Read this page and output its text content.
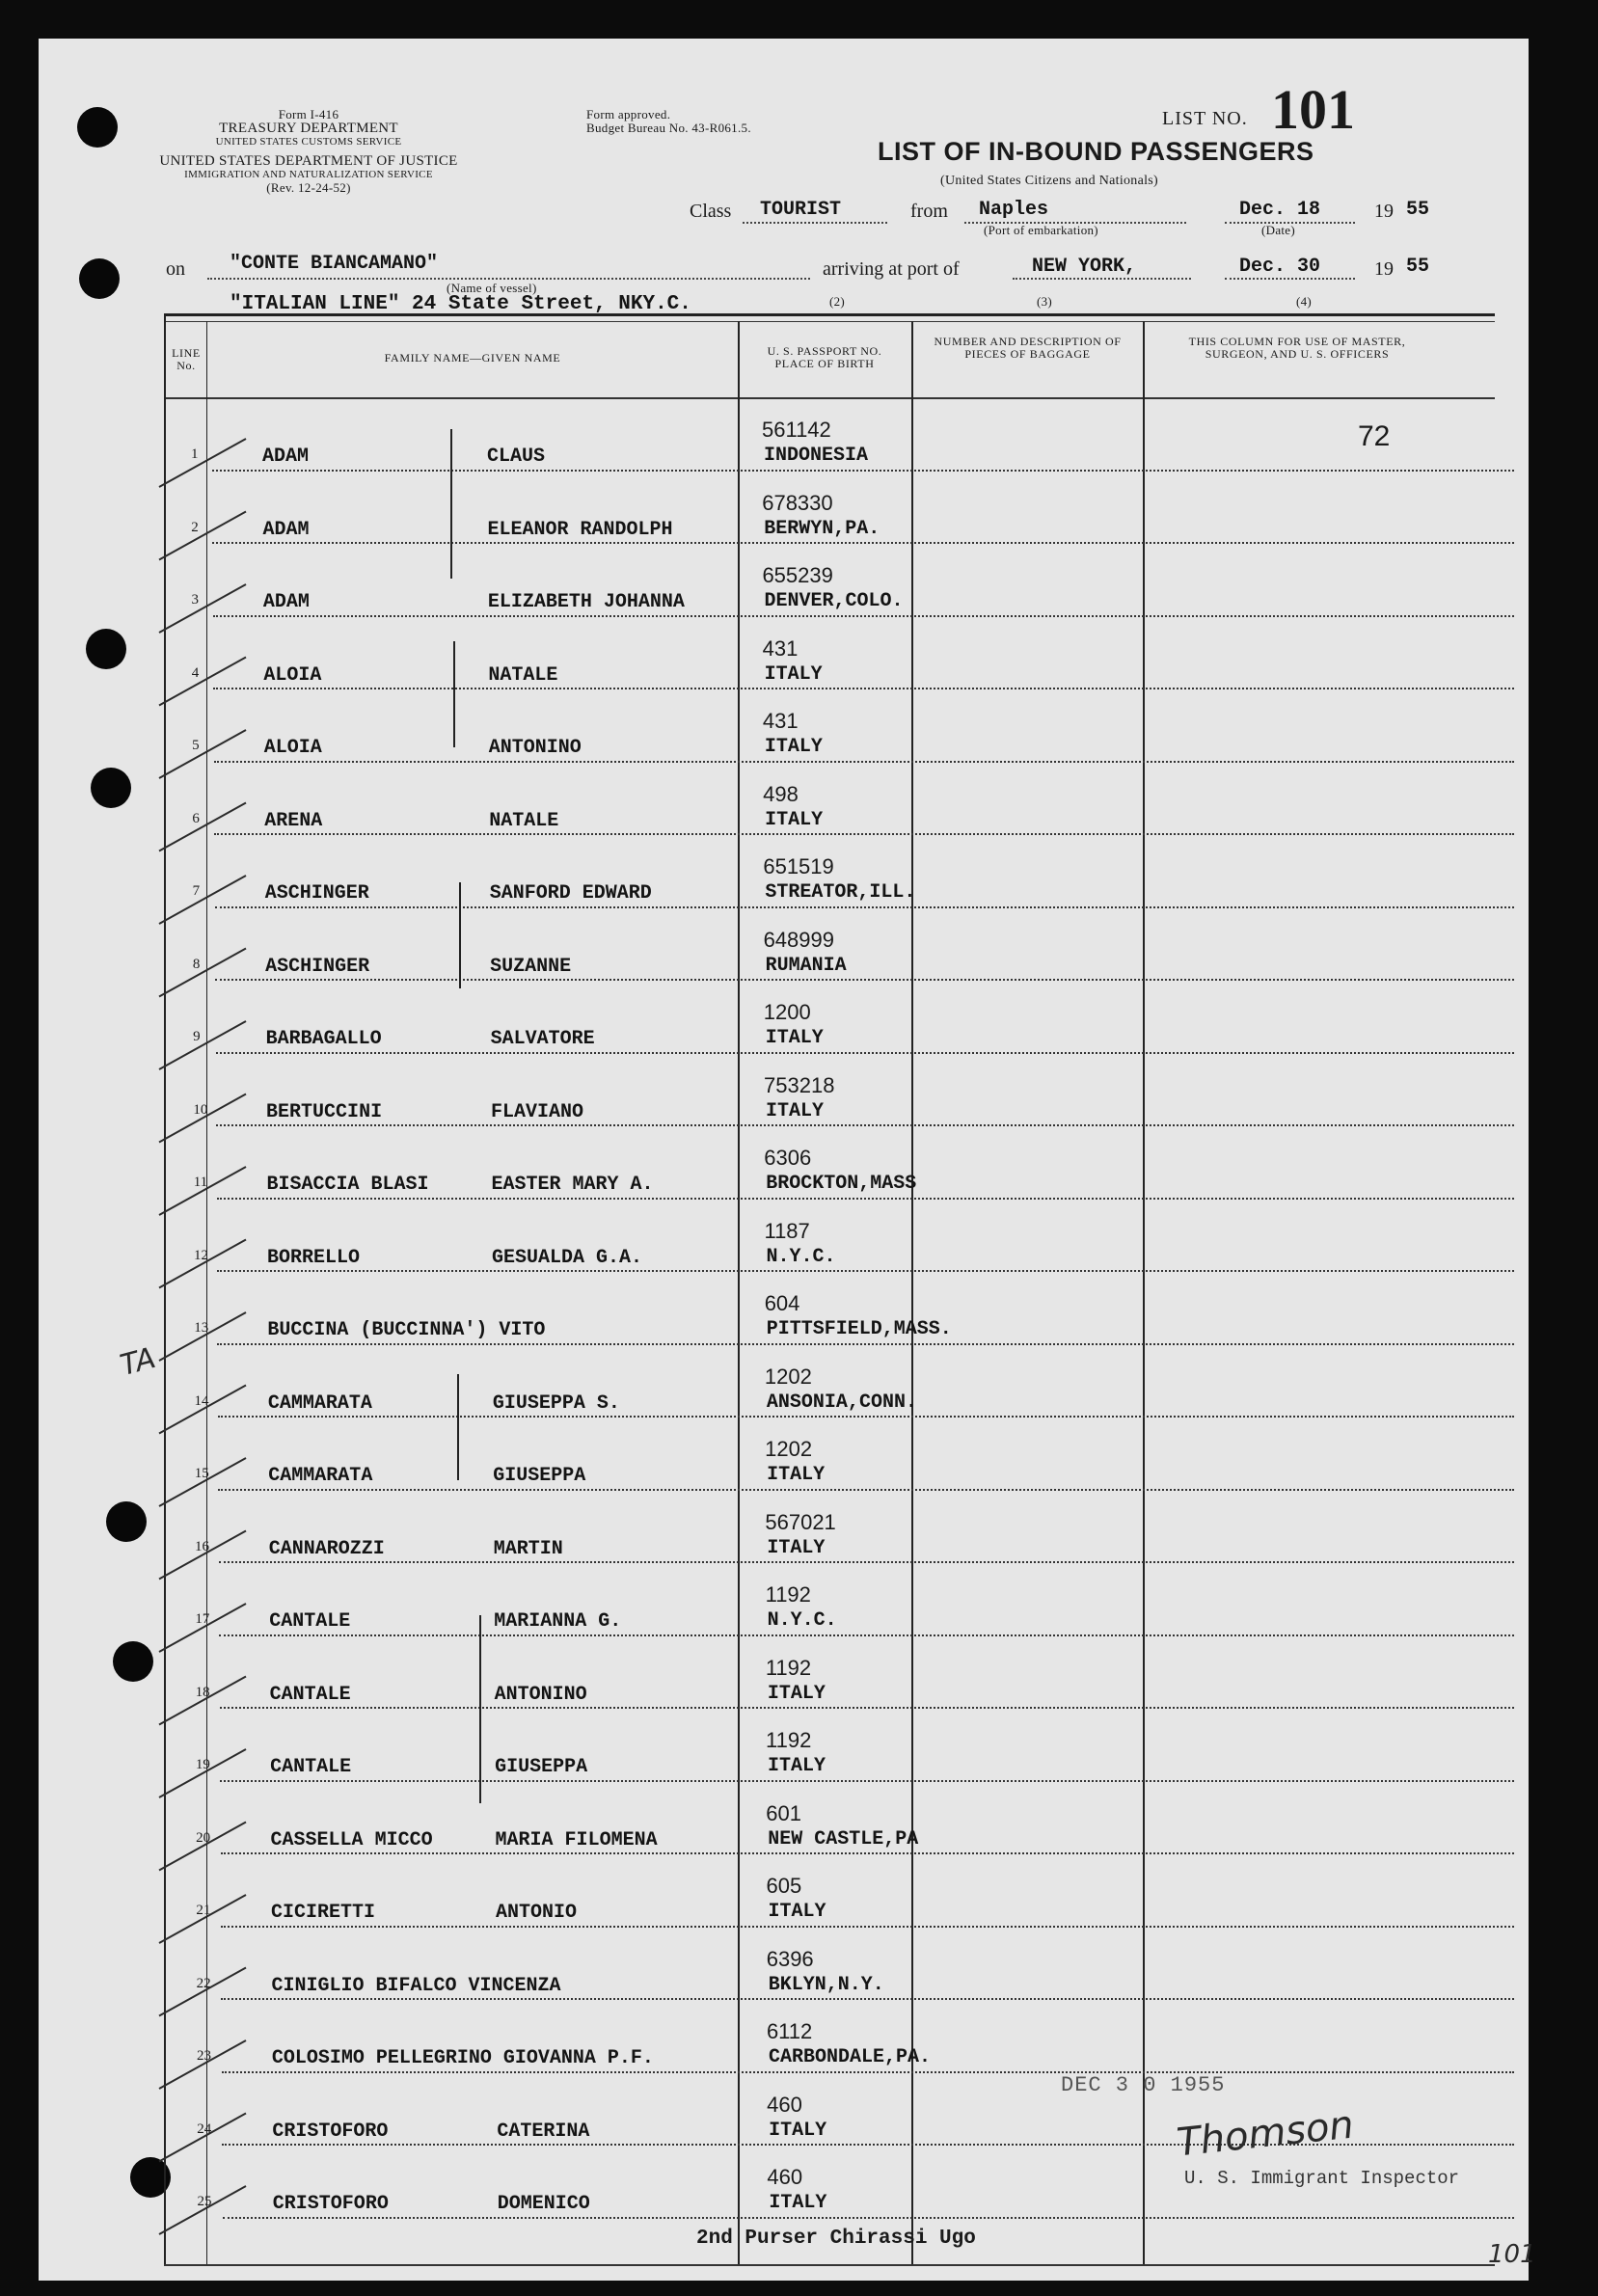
Form I-416
TREASURY DEPARTMENT
UNITED STATES CUSTOMS SERVICE
UNITED STATES DEPARTMENT OF JUSTICE
IMMIGRATION AND NATURALIZATION SERVICE
(Rev. 12-24-52)
Form approved.
Budget Bureau No. 43-R061.5.	LIST NO. 101
LIST OF IN-BOUND PASSENGERS
(United States Citizens and Nationals)
Class TOURIST	from Naples
(Port of embarkation)
Dec. 18
(Date)
19 55
on "CONTE BIANCAMANO"
(Name of vessel)
"ITALIAN LINE" 24 State Street, NKY.C.
arriving at port of	NEW YORK,	Dec. 30	19 55
(2)	(3)	(4)
LINE No.
FAMILY NAME—GIVEN NAME	U. S. PASSPORT NO. PLACE OF BIRTH
NUMBER AND DESCRIPTION OF PIECES OF BAGGAGE
THIS COLUMN FOR USE OF MASTER, SURGEON, AND U. S. OFFICERS
72
1	ADAM	CLAUS
561142
INDONESIA
2	ADAM	ELEANOR RANDOLPH
678330
BERWYN,PA.
3	ADAM	ELIZABETH JOHANNA
655239
DENVER,COLO.
4	ALOIA	NATALE
431
ITALY
5	ALOIA	ANTONINO
431
ITALY
6	ARENA	NATALE
498
ITALY
7	ASCHINGER	SANFORD EDWARD
651519
STREATOR,ILL.
8	ASCHINGER	SUZANNE
648999
RUMANIA
9	BARBAGALLO	SALVATORE
1200
ITALY
10	BERTUCCINI	FLAVIANO
753218
ITALY
11	BISACCIA BLASI	EASTER MARY A.
6306
BROCKTON,MASS
12	BORRELLO	GESUALDA G.A.
1187
N.Y.C.
13	BUCCINA (BUCCINNA') VITO
604
PITTSFIELD,MASS.
14	CAMMARATA	GIUSEPPA S.
1202
ANSONIA,CONN.
15	CAMMARATA	GIUSEPPA
1202
ITALY
16	CANNAROZZI	MARTIN
567021
ITALY
17	CANTALE	MARIANNA G.
1192
N.Y.C.
18	CANTALE	ANTONINO
1192
ITALY
19	CANTALE	GIUSEPPA
1192
ITALY
20	CASSELLA MICCO	MARIA FILOMENA
601
NEW CASTLE,PA
21	CICIRETTI	ANTONIO
605
ITALY
22	CINIGLIO BIFALCO VINCENZA
6396
BKLYN,N.Y.
23	COLOSIMO PELLEGRINO GIOVANNA P.F.
6112
CARBONDALE,PA.
24	CRISTOFORO	CATERINA
460
ITALY
25	CRISTOFORO	DOMENICO
460
ITALY
DEC 3 0 1955
Thomson
U. S. Immigrant Inspector
2nd Purser Chirassi Ugo
TA
101
